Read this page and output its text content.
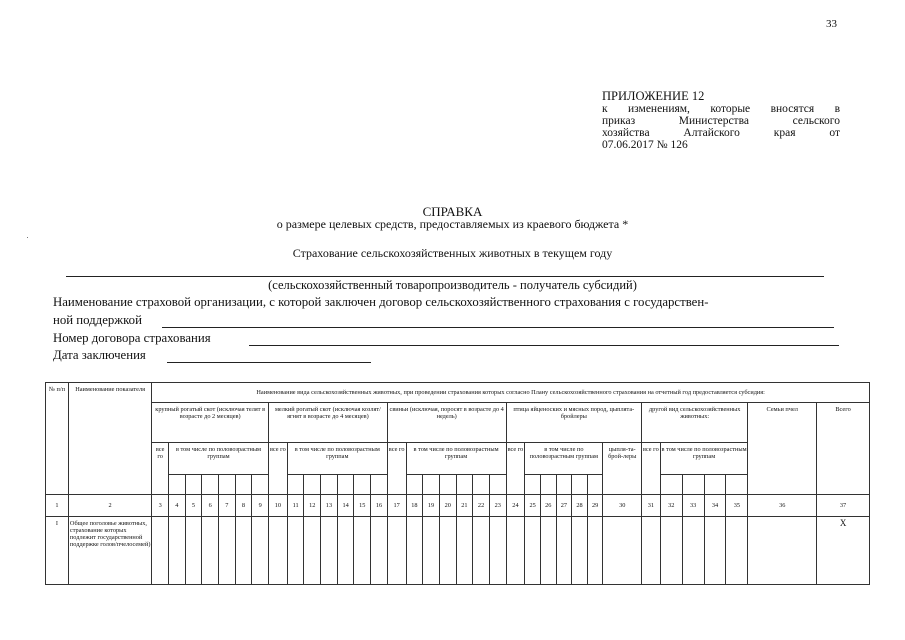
33
ПРИЛОЖЕНИЕ 12
к изменениям, которые вносятся в
приказ Министерства сельского
хозяйства Алтайского края от
07.06.2017 № 126
СПРАВКА
о размере целевых средств, предоставляемых из краевого бюджета *
Страхование сельскохозяйственных животных в текущем году
(сельскохозяйственный товаропроизводитель - получатель субсидий)
Наименование страховой организации, с которой заключен договор сельскохозяйственного страхования с государствен-
ной поддержкой
Номер договора страхования
Дата заключения
№ п/п	Наименование показателя	Наименование вида сельскохозяйственных животных, при проведении страхования которых согласно Плану сельскохозяйственного страхования на отчетный год предоставляется субсидия:																																		
		крупный рогатый скот (исключая телят в возрасте до 2 месяцев)							мелкий рогатый скот (исключая козлят/ягнят в возрасте до 4 месяцев)							свиньи (исключая, поросят в возрасте до 4 недель)							птица яйценоских и мясных пород, цыплята-бройлеры							другой вид сельскохозяйственных животных:					Семьи пчел	Всего
		все го	в том числе по половозрастным группам						все го	в том числе по половозрастным группам						все го	в том числе по половозрастным группам						все го	в том числе по половозрастным группам					цыпля-та-брой-леры	все го	в том числе по половозрастным группам					

1	2	3	4	5	6	7	8	9	10	11	12	13	14	15	16	17	18	19	20	21	22	23	24	25	26	27	28	29	30	31	32	33	34	35	36	37
I	Общее поголовье животных, страхование которых подлежит государственной поддержке голов/пчелосемей)																																			X
